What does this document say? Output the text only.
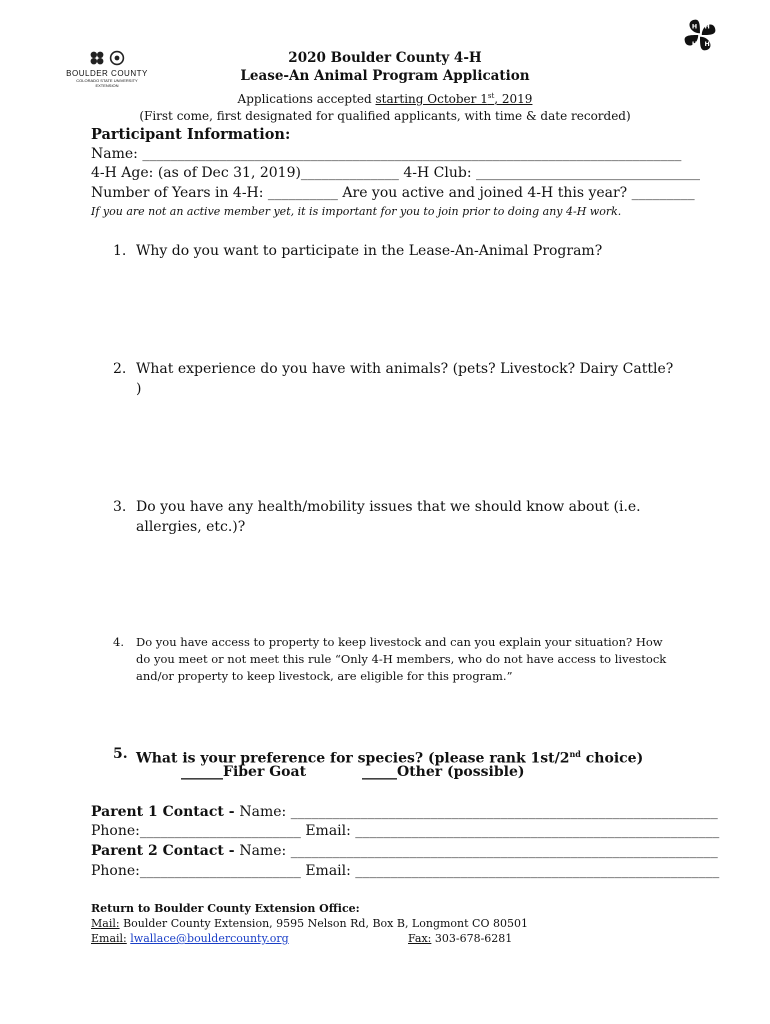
BOULDER COUNTY
COLORADO STATE UNIVERSITY EXTENSION
H H
H H
2020 Boulder County 4-H
Lease-An Animal Program Application
Applications accepted starting October 1st, 2019
(First come, first designated for qualified applicants, with time & date recorded)
Participant Information:
Name: _____________________________________________________________________________
4-H Age: (as of Dec 31, 2019)______________ 4-H Club: ________________________________
Number of Years in 4-H: __________ Are you active and joined 4-H this year? _________
If you are not an active member yet, it is important for you to join prior to doing any 4-H work.
1. Why do you want to participate in the Lease-An-Animal Program?
2. What experience do you have with animals? (pets? Livestock? Dairy Cattle? )
3. Do you have any health/mobility issues that we should know about (i.e. allergies, etc.)?
4. Do you have access to property to keep livestock and can you explain your situation? How do you meet or not meet this rule “Only 4-H members, who do not have access to livestock and/or property to keep livestock, are eligible for this program.”
5. What is your preference for species? (please rank 1st/2nd choice)
______Fiber Goat	_____Other (possible)
Parent 1 Contact - Name: _____________________________________________________________
Phone:_______________________ Email: ____________________________________________________
Parent 2 Contact - Name: _____________________________________________________________
Phone:_______________________ Email: ____________________________________________________
Return to Boulder County Extension Office:
Mail: Boulder County Extension, 9595 Nelson Rd, Box B, Longmont CO 80501
Email: lwallace@bouldercounty.org	Fax: 303-678-6281
